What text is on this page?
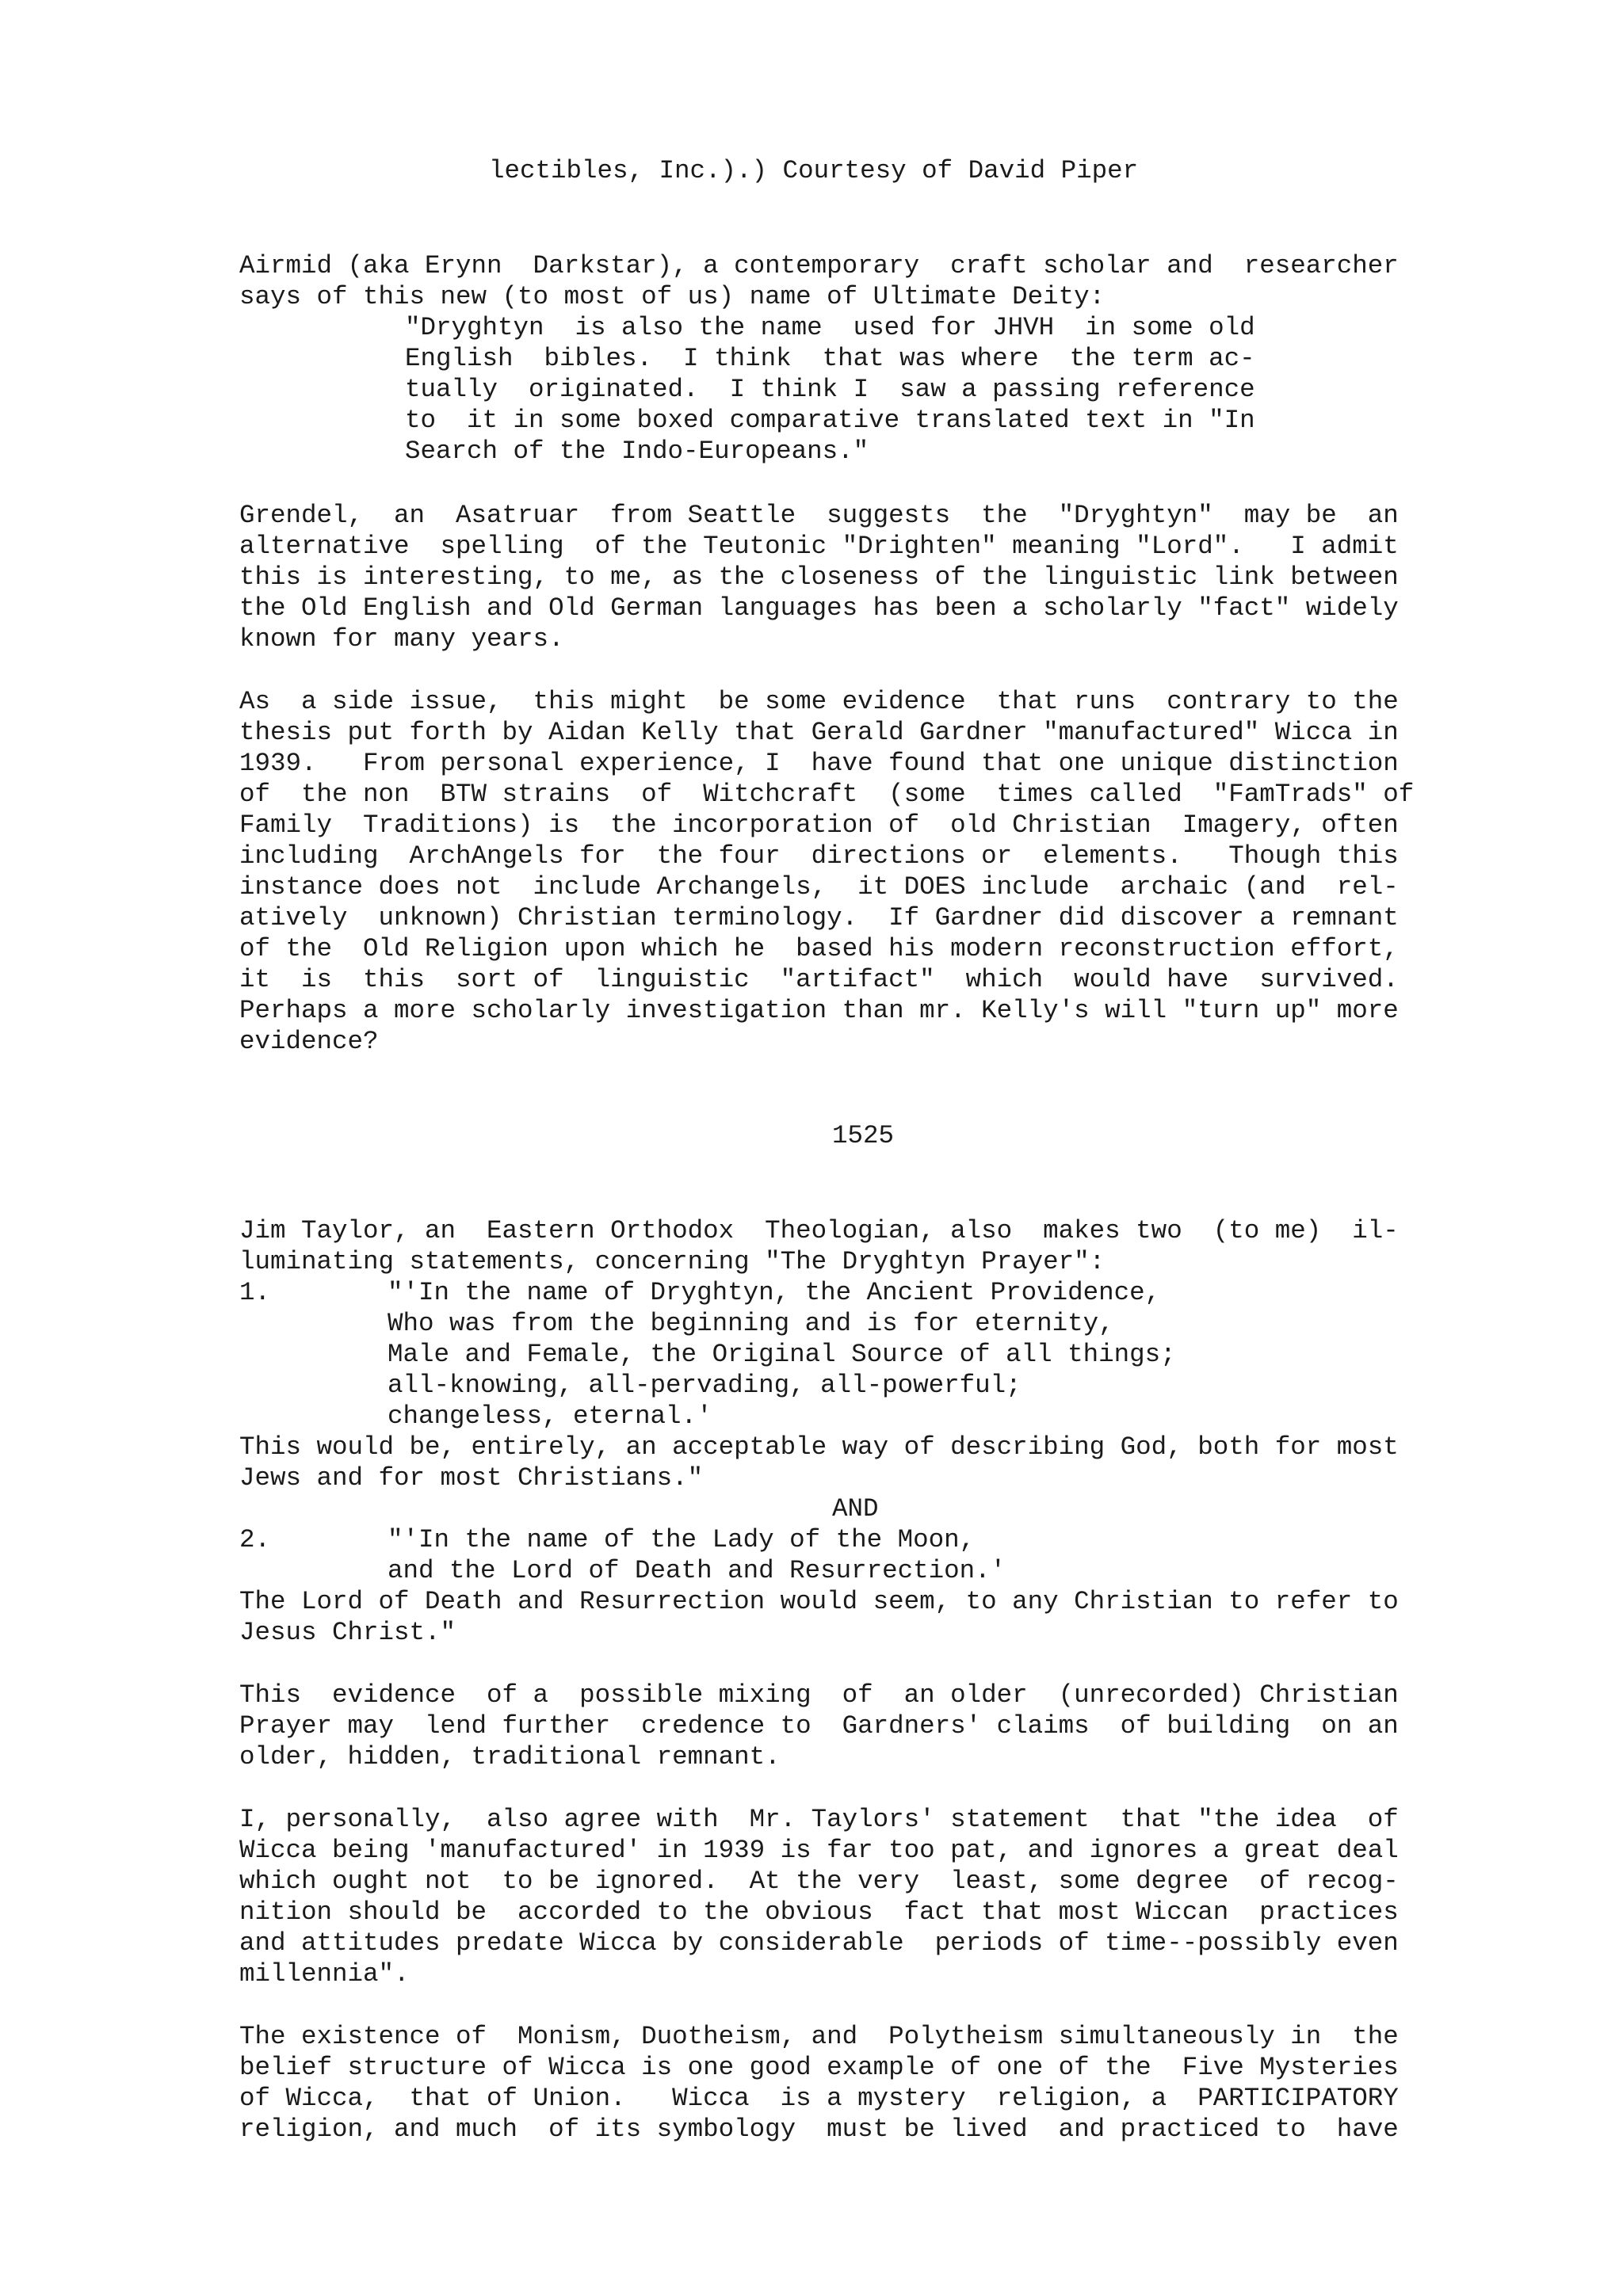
lectibles, Inc.).) Courtesy of David Piper
Airmid (aka Erynn  Darkstar), a contemporary  craft scholar and  researcher
says of this new (to most of us) name of Ultimate Deity:
"Dryghtyn  is also the name  used for JHVH  in some old
English  bibles.  I think  that was where  the term ac-
tually  originated.  I think I  saw a passing reference
to  it in some boxed comparative translated text in "In
Search of the Indo-Europeans."
Grendel,  an  Asatruar  from Seattle  suggests  the  "Dryghtyn"  may be  an
alternative  spelling  of the Teutonic "Drighten" meaning "Lord".   I admit
this is interesting, to me, as the closeness of the linguistic link between
the Old English and Old German languages has been a scholarly "fact" widely
known for many years.
As  a side issue,  this might  be some evidence  that runs  contrary to the
thesis put forth by Aidan Kelly that Gerald Gardner "manufactured" Wicca in
1939.   From personal experience, I  have found that one unique distinction
of  the non  BTW strains  of  Witchcraft  (some  times called  "FamTrads" of
Family  Traditions) is  the incorporation of  old Christian  Imagery, often
including  ArchAngels for  the four  directions or  elements.   Though this
instance does not  include Archangels,  it DOES include  archaic (and  rel-
atively  unknown) Christian terminology.  If Gardner did discover a remnant
of the  Old Religion upon which he  based his modern reconstruction effort,
it  is  this  sort of  linguistic  "artifact"  which  would have  survived.
Perhaps a more scholarly investigation than mr. Kelly's will "turn up" more
evidence?
1525
Jim Taylor, an  Eastern Orthodox  Theologian, also  makes two  (to me)  il-
luminating statements, concerning "The Dryghtyn Prayer":
1.	"'In the name of Dryghtyn, the Ancient Providence,
Who was from the beginning and is for eternity,
Male and Female, the Original Source of all things;
all-knowing, all-pervading, all-powerful;
changeless, eternal.'
This would be, entirely, an acceptable way of describing God, both for most
Jews and for most Christians."
AND
2.	"'In the name of the Lady of the Moon,
and the Lord of Death and Resurrection.'
The Lord of Death and Resurrection would seem, to any Christian to refer to
Jesus Christ."
This  evidence  of a  possible mixing  of  an older  (unrecorded) Christian
Prayer may  lend further  credence to  Gardners' claims  of building  on an
older, hidden, traditional remnant.
I, personally,  also agree with  Mr. Taylors' statement  that "the idea  of
Wicca being 'manufactured' in 1939 is far too pat, and ignores a great deal
which ought not  to be ignored.  At the very  least, some degree  of recog-
nition should be  accorded to the obvious  fact that most Wiccan  practices
and attitudes predate Wicca by considerable  periods of time--possibly even
millennia".
The existence of  Monism, Duotheism, and  Polytheism simultaneously in  the
belief structure of Wicca is one good example of one of the  Five Mysteries
of Wicca,  that of Union.   Wicca  is a mystery  religion, a  PARTICIPATORY
religion, and much  of its symbology  must be lived  and practiced to  have
